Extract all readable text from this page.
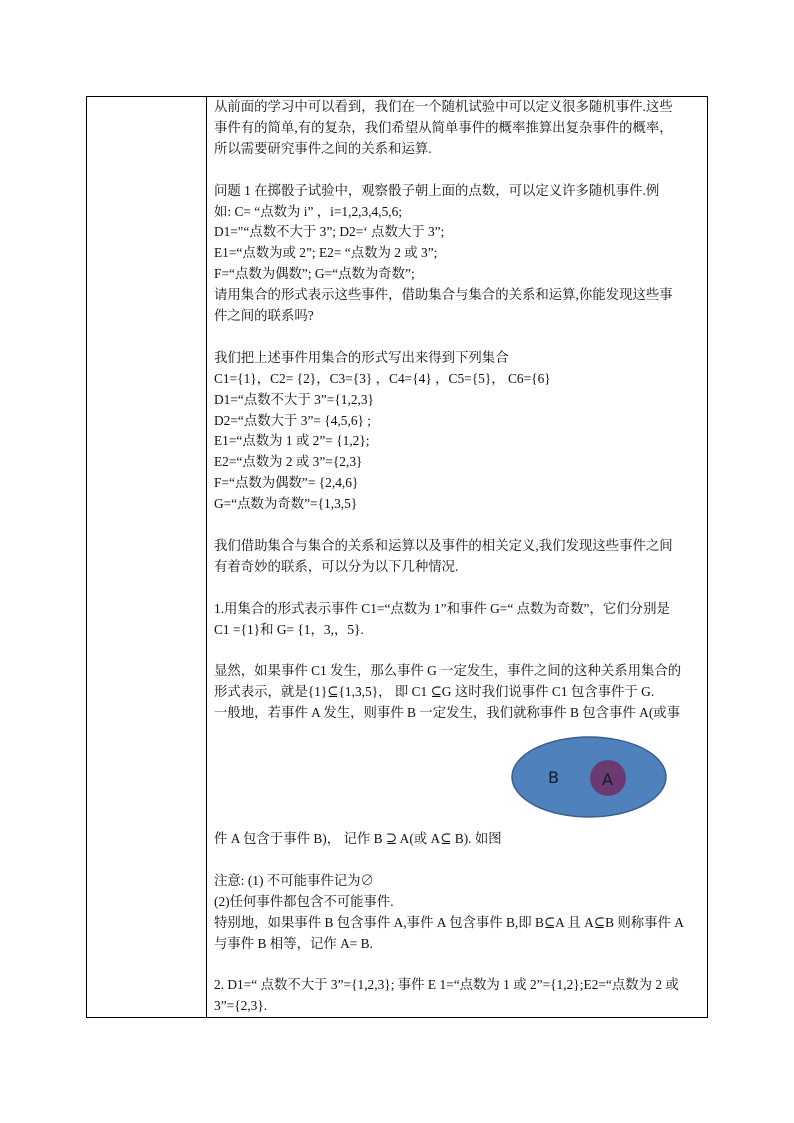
从前面的学习中可以看到，我们在一个随机试验中可以定义很多随机事件.这些

事件有的简单,有的复杂，我们希望从简单事件的概率推算出复杂事件的概率，

所以需要研究事件之间的关系和运算.

问题 1 在掷骰子试验中，观察骰子朝上面的点数，可以定义许多随机事件.例

如: C= “点数为 i” ，i=1,2,3,4,5,6;

D1="“点数不大于 3”; D2=‘ 点数大于 3”;

E1=“点数为或 2”; E2= “点数为 2 或 3”;

F=“点数为偶数”; G=“点数为奇数”;

请用集合的形式表示这些事件，借助集合与集合的关系和运算,你能发现这些事

件之间的联系吗?

我们把上述事件用集合的形式写出来得到下列集合

C1={1}，C2= {2}，C3={3} ，C4={4} ，C5={5}， C6={6}

D1=“点数不大于 3”={1,2,3}

D2=“点数大于 3”= {4,5,6} ;

E1=“点数为 1 或 2”= {1,2};

E2=“点数为 2 或 3”={2,3}

F=“点数为偶数”= {2,4,6}

G=“点数为奇数”={1,3,5}

我们借助集合与集合的关系和运算以及事件的相关定义,我们发现这些事件之间

有着奇妙的联系，可以分为以下几种情况.

1.用集合的形式表示事件 C1=“点数为 1”和事件 G=“ 点数为奇数”，它们分别是

C1 ={1}和 G= {1，3,，5}.

显然，如果事件 C1 发生，那么事件 G 一定发生，事件之间的这种关系用集合的

形式表示，就是{1}⊆{1,3,5}， 即 C1 ⊆G 这时我们说事件 C1 包含事件于 G.

一般地，若事件 A 发生，则事件 B 一定发生，我们就称事件 B 包含事件 A(或事

B	A

件 A 包含于事件 B)， 记作 B ⊇ A(或 A⊆ B). 如图

注意: (1) 不可能事件记为∅

(2)任何事件都包含不可能事件.

特别地，如果事件 B 包含事件 A,事件 A 包含事件 B,即 B⊆A 且 A⊆B 则称事件 A

与事件 B 相等，记作 A= B.

2. D1=“ 点数不大于 3”={1,2,3}; 事件 E 1=“点数为 1 或 2”={1,2};E2=“点数为 2 或

3”={2,3}.
